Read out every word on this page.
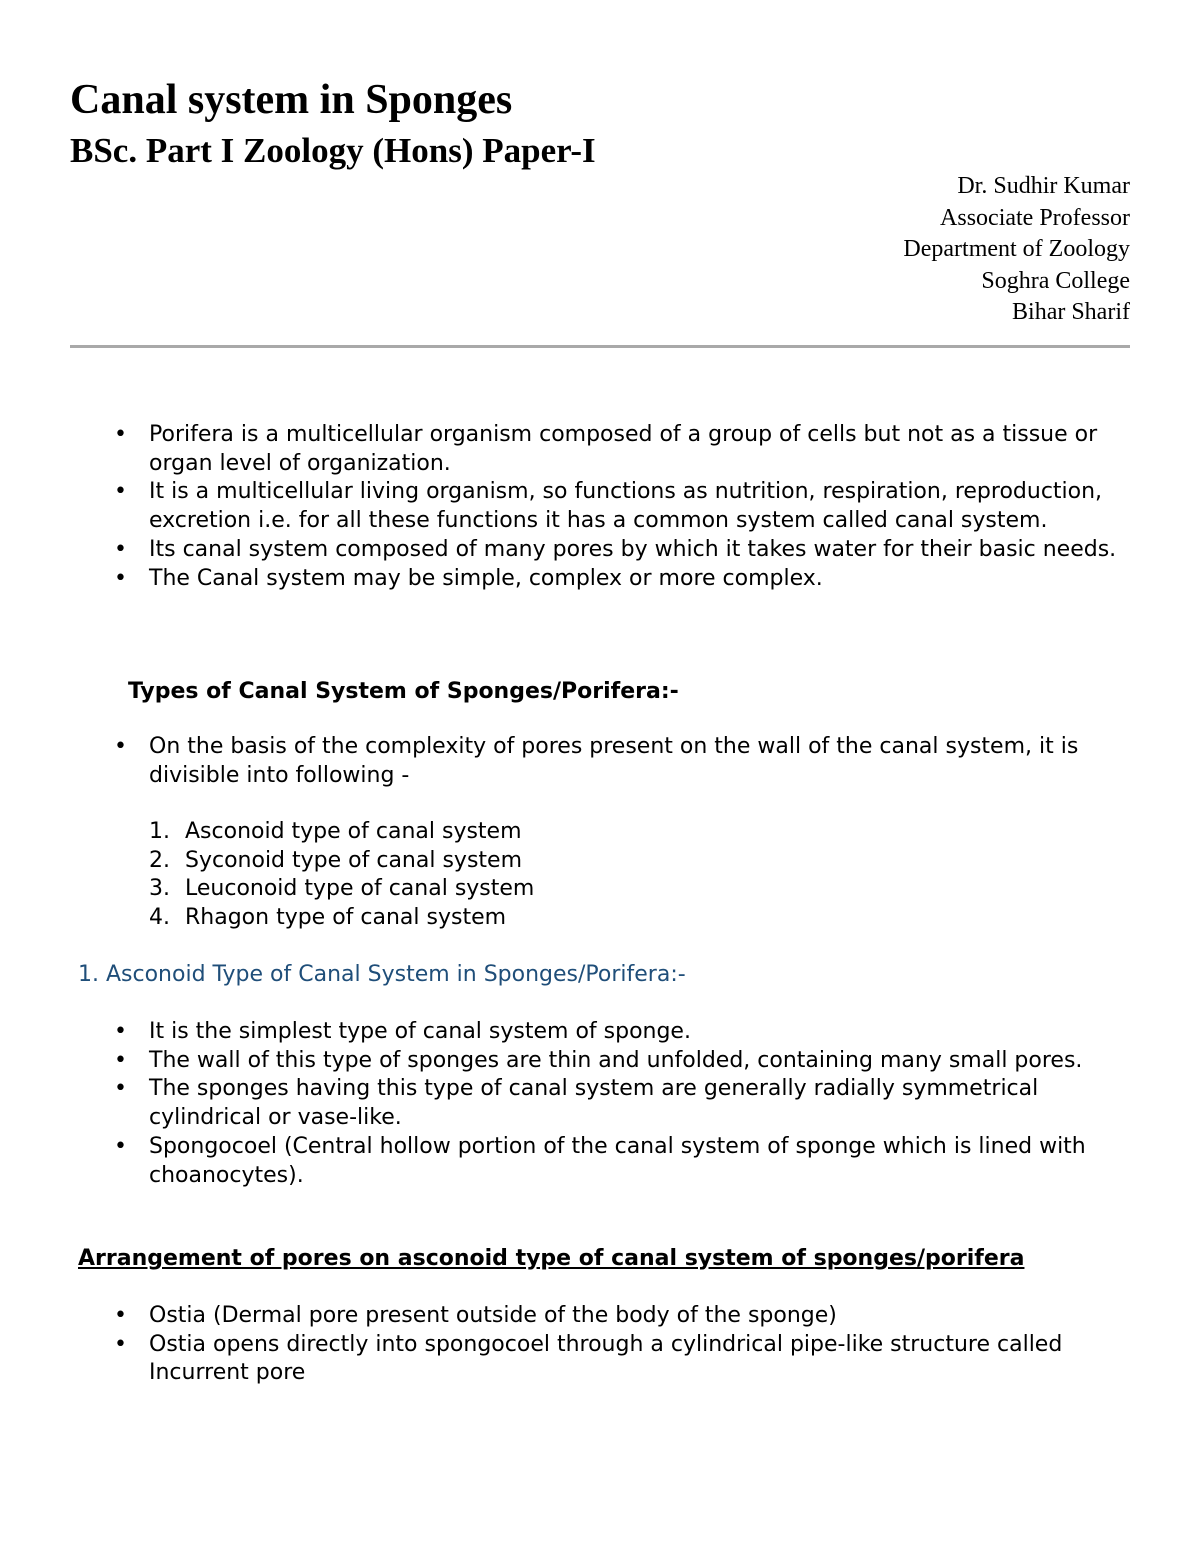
Canal system in Sponges
BSc. Part I Zoology (Hons) Paper-I
Dr. Sudhir Kumar
Associate Professor
Department of Zoology
Soghra College
Bihar Sharif
• Porifera is a multicellular organism composed of a group of cells but not as a tissue or organ level of organization.
• It is a multicellular living organism, so functions as nutrition, respiration, reproduction, excretion i.e. for all these functions it has a common system called canal system.
• Its canal system composed of many pores by which it takes water for their basic needs.
• The Canal system may be simple, complex or more complex.
Types of Canal System of Sponges/Porifera:-
• On the basis of the complexity of pores present on the wall of the canal system, it is divisible into following -
1. Asconoid type of canal system
2. Syconoid type of canal system
3. Leuconoid type of canal system
4. Rhagon type of canal system
1. Asconoid Type of Canal System in Sponges/Porifera:-
• It is the simplest type of canal system of sponge.
• The wall of this type of sponges are thin and unfolded, containing many small pores.
• The sponges having this type of canal system are generally radially symmetrical cylindrical or vase-like.
• Spongocoel (Central hollow portion of the canal system of sponge which is lined with choanocytes).
Arrangement of pores on asconoid type of canal system of sponges/porifera
• Ostia (Dermal pore present outside of the body of the sponge)
• Ostia opens directly into spongocoel through a cylindrical pipe-like structure called Incurrent pore
